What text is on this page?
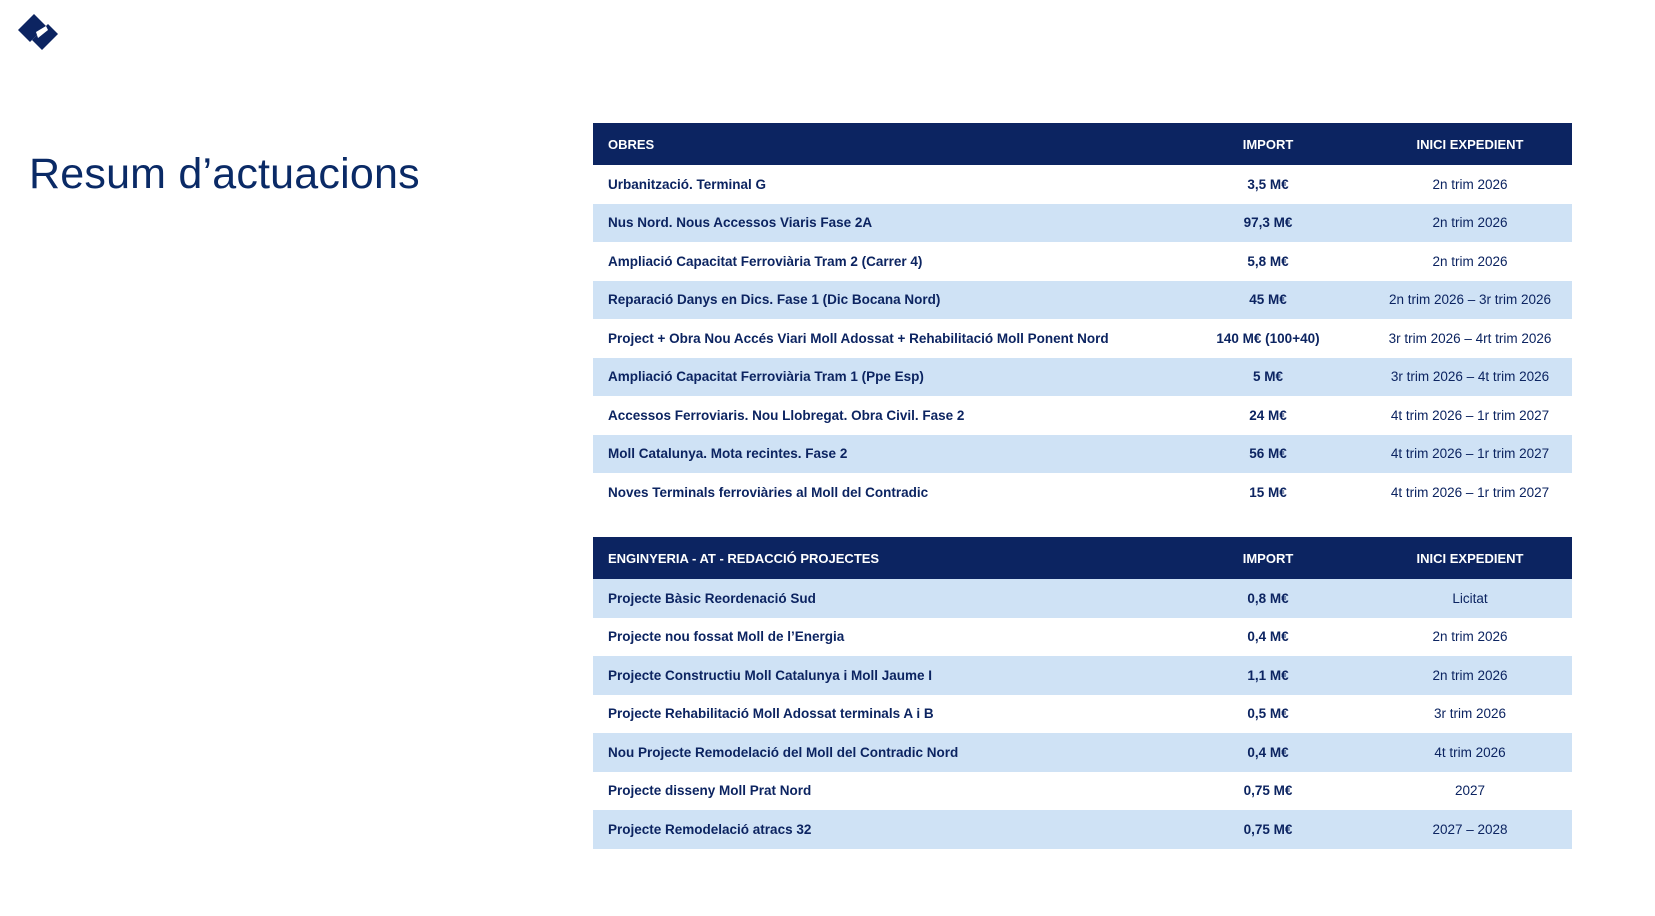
Resum d’actuacions
OBRES	IMPORT	INICI EXPEDIENT
Urbanització. Terminal G	3,5 M€	2n trim 2026
Nus Nord. Nous Accessos Viaris Fase 2A	97,3 M€	2n trim 2026
Ampliació Capacitat Ferroviària Tram 2 (Carrer 4)	5,8 M€	2n trim 2026
Reparació Danys en Dics. Fase 1 (Dic Bocana Nord)	45 M€	2n trim 2026 – 3r trim 2026
Project + Obra Nou Accés Viari Moll Adossat + Rehabilitació Moll Ponent Nord	140 M€ (100+40)	3r trim 2026 – 4rt trim 2026
Ampliació Capacitat Ferroviària Tram 1 (Ppe Esp)	5 M€	3r trim 2026 – 4t trim 2026
Accessos Ferroviaris. Nou Llobregat. Obra Civil. Fase 2	24 M€	4t trim 2026 – 1r trim 2027
Moll Catalunya. Mota recintes. Fase 2	56 M€	4t trim 2026 – 1r trim 2027
Noves Terminals ferroviàries al Moll del Contradic	15 M€	4t trim 2026 – 1r trim 2027
ENGINYERIA - AT - REDACCIÓ PROJECTES	IMPORT	INICI EXPEDIENT
Projecte Bàsic Reordenació Sud	0,8 M€	Licitat
Projecte nou fossat Moll de l’Energia	0,4 M€	2n trim 2026
Projecte Constructiu Moll Catalunya i Moll Jaume I	1,1 M€	2n trim 2026
Projecte Rehabilitació Moll Adossat terminals A i B	0,5 M€	3r trim 2026
Nou Projecte Remodelació del Moll del Contradic Nord	0,4 M€	4t trim 2026
Projecte disseny Moll Prat Nord	0,75 M€	2027
Projecte Remodelació atracs 32	0,75 M€	2027 – 2028
